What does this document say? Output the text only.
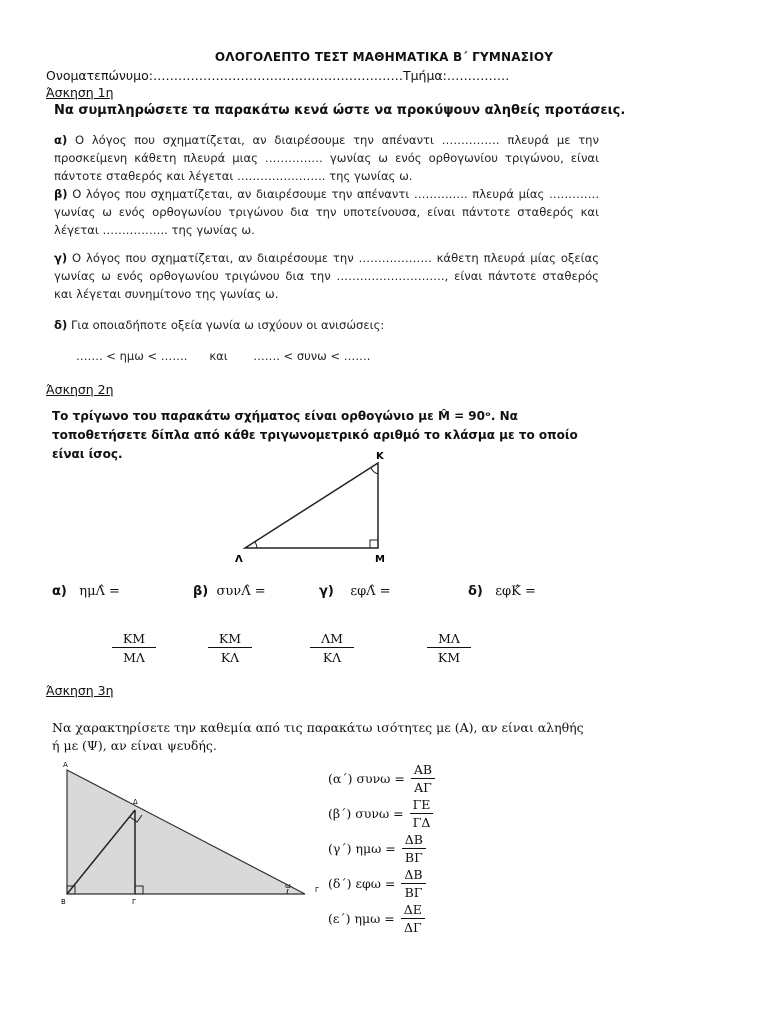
ΟΛΟΓΟΛΕΠΤΟ ΤΕΣΤ ΜΑΘΗΜΑΤΙΚΑ Β΄ ΓΥΜΝΑΣΙΟΥ
Ονοματεπώνυμο:……………………………………………………Τμήμα:……………
Άσκηση 1η
Να συμπληρώσετε τα παρακάτω κενά ώστε να προκύψουν αληθείς προτάσεις.
α) Ο λόγος που σχηματίζεται, αν διαιρέσουμε την απέναντι …………… πλευρά με την προσκείμενη κάθετη πλευρά μιας …………… γωνίας ω ενός ορθογωνίου τριγώνου, είναι πάντοτε σταθερός και λέγεται ………………….. της γωνίας ω.
β) Ο λόγος που σχηματίζεται, αν διαιρέσουμε την απέναντι ………….. πλευρά μίας …………. γωνίας ω ενός ορθογωνίου τριγώνου δια την υποτείνουσα, είναι πάντοτε σταθερός και λέγεται …………….. της γωνίας ω.
γ) Ο λόγος που σχηματίζεται, αν διαιρέσουμε την ………………. κάθετη πλευρά μίας οξείας γωνίας ω ενός ορθογωνίου τριγώνου δια την ………………………., είναι πάντοτε σταθερός και λέγεται συνημίτονο της γωνίας ω.
δ) Για οποιαδήποτε οξεία γωνία ω ισχύουν οι ανισώσεις:
……. < ημω < …….      και       ……. < συνω < …….
Άσκηση 2η
Το τρίγωνο του παρακάτω σχήματος είναι ορθογώνιο με M̂ = 90ᵒ. Να τοποθετήσετε δίπλα από κάθε τριγωνομετρικό αριθμό το κλάσμα με το οποίο είναι ίσος.	Κ
Λ	Μ
α) ημΛ̂ =	β) συνΛ̂ =	γ) εφΛ̂ =	δ) εφΚ̂ =
$\frac{KM}{M\Lambda}$	$\frac{KM}{K\Lambda}$	$\frac{\Lambda M}{K\Lambda}$	$\frac{M\Lambda}{KM}$
Άσκηση 3η
Να χαρακτηρίσετε την καθεμία από τις παρακάτω ισότητες με (Α), αν είναι αληθής ή με (Ψ), αν είναι ψευδής.
Α
Δ
Β	Γ
Γ
ω
(α΄)
$\sigma\upsilon\nu\omega = \frac{AB}{A\Gamma}$
(β΄)
$\sigma\upsilon\nu\omega = \frac{\Gamma E}{\Gamma\Delta}$
(γ΄)
$\eta\mu\omega = \frac{\Delta B}{B\Gamma}$
(δ΄)
$\varepsilon\varphi\omega = \frac{\Delta B}{B\Gamma}$
(ε΄)
$\eta\mu\omega = \frac{\Delta E}{\Delta\Gamma}$
